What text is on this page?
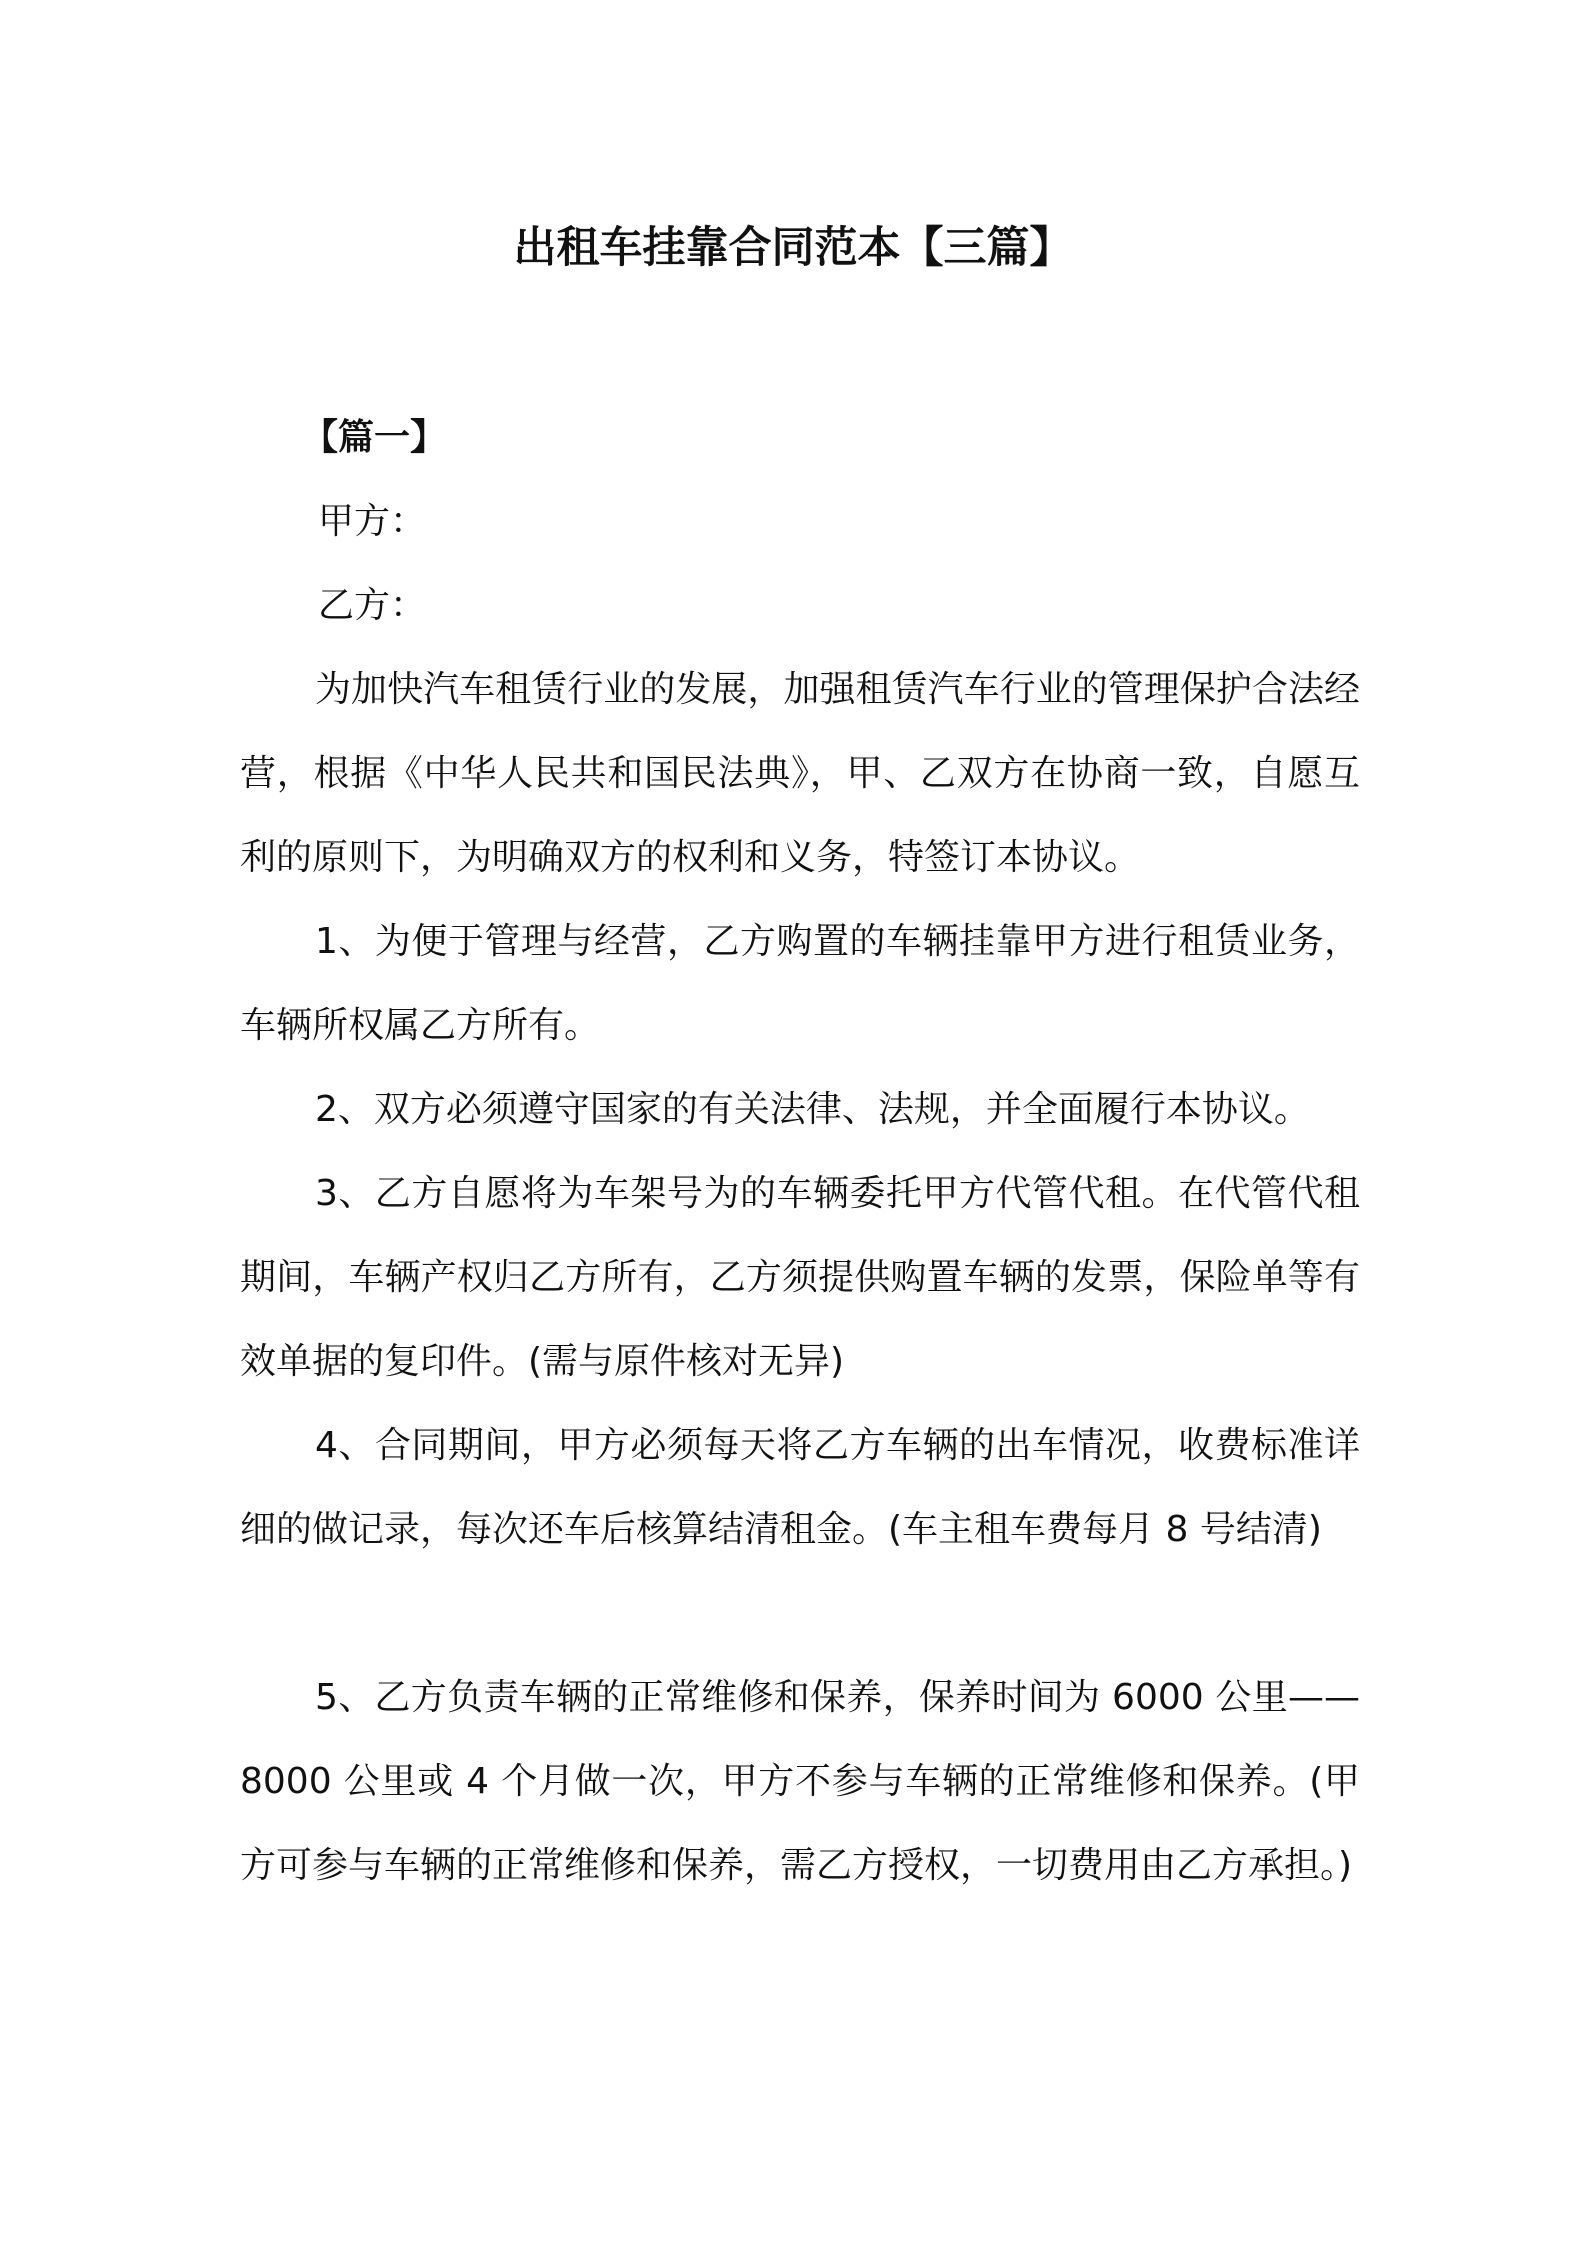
出租车挂靠合同范本【三篇】
【篇一】
甲方：
乙方：

为加快汽车租赁行业的发展，加强租赁汽车行业的管理保护合法经营，根据《中华人民共和国民法典》，甲、乙双方在协商一致，自愿互利的原则下，为明确双方的权利和义务，特签订本协议。

1、为便于管理与经营，乙方购置的车辆挂靠甲方进行租赁业务，车辆所权属乙方所有。

2、双方必须遵守国家的有关法律、法规，并全面履行本协议。

3、乙方自愿将为车架号为的车辆委托甲方代管代租。在代管代租期间，车辆产权归乙方所有，乙方须提供购置车辆的发票，保险单等有效单据的复印件。(需与原件核对无异)

4、合同期间，甲方必须每天将乙方车辆的出车情况，收费标准详细的做记录，每次还车后核算结清租金。(车主租车费每月 8 号结清)

5、乙方负责车辆的正常维修和保养，保养时间为 6000 公里——8000 公里或 4 个月做一次，甲方不参与车辆的正常维修和保养。(甲方可参与车辆的正常维修和保养，需乙方授权，一切费用由乙方承担。)
